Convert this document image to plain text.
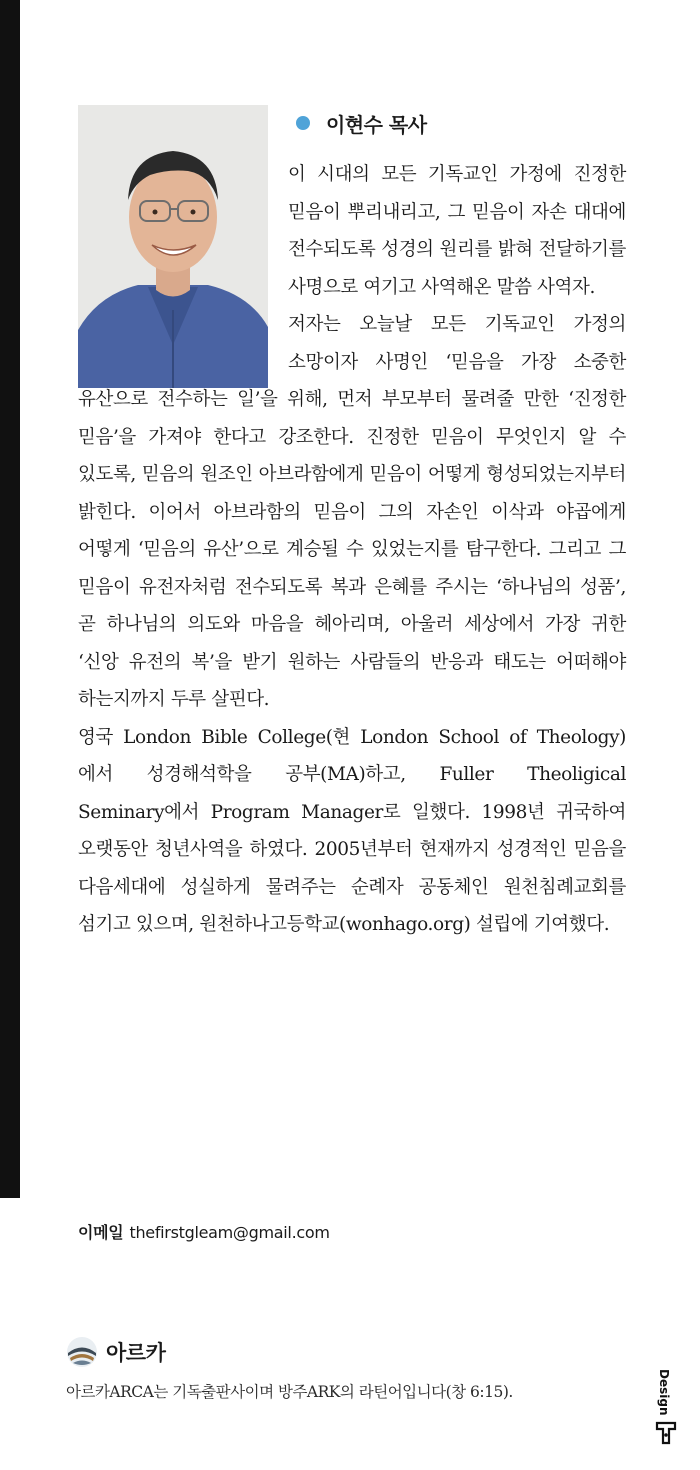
이현수 목사

이 시대의 모든 기독교인 가정에 진정한 믿음이 뿌리내리고, 그 믿음이 자손 대대에 전수되도록 성경의 원리를 밝혀 전달하기를 사명으로 여기고 사역해온 말씀 사역자.

저자는 오늘날 모든 기독교인 가정의 소망이자 사명인 ‘믿음을 가장 소중한 유산으로 전수하는 일’을 위해, 먼저 부모부터 물려줄 만한 ‘진정한 믿음’을 가져야 한다고 강조한다. 진정한 믿음이 무엇인지 알 수 있도록, 믿음의 원조인 아브라함에게 믿음이 어떻게 형성되었는지부터 밝힌다. 이어서 아브라함의 믿음이 그의 자손인 이삭과 야곱에게 어떻게 ‘믿음의 유산’으로 계승될 수 있었는지를 탐구한다. 그리고 그 믿음이 유전자처럼 전수되도록 복과 은혜를 주시는 ‘하나님의 성품’, 곧 하나님의 의도와 마음을 헤아리며, 아울러 세상에서 가장 귀한 ‘신앙 유전의 복’을 받기 원하는 사람들의 반응과 태도는 어떠해야 하는지까지 두루 살핀다.

영국 London Bible College(현 London School of Theology)에서 성경해석학을 공부(MA)하고, Fuller Theoligical Seminary에서 Program Manager로 일했다. 1998년 귀국하여 오랫동안 청년사역을 하였다. 2005년부터 현재까지 성경적인 믿음을 다음세대에 성실하게 물려주는 순례자 공동체인 원천침례교회를 섬기고 있으며, 원천하나고등학교(wonhago.org) 설립에 기여했다.

이메일 thefirstgleam@gmail.com
아르카
아르카ARCA는 기독출판사이며 방주ARK의 라틴어입니다(창 6:15).	Design
